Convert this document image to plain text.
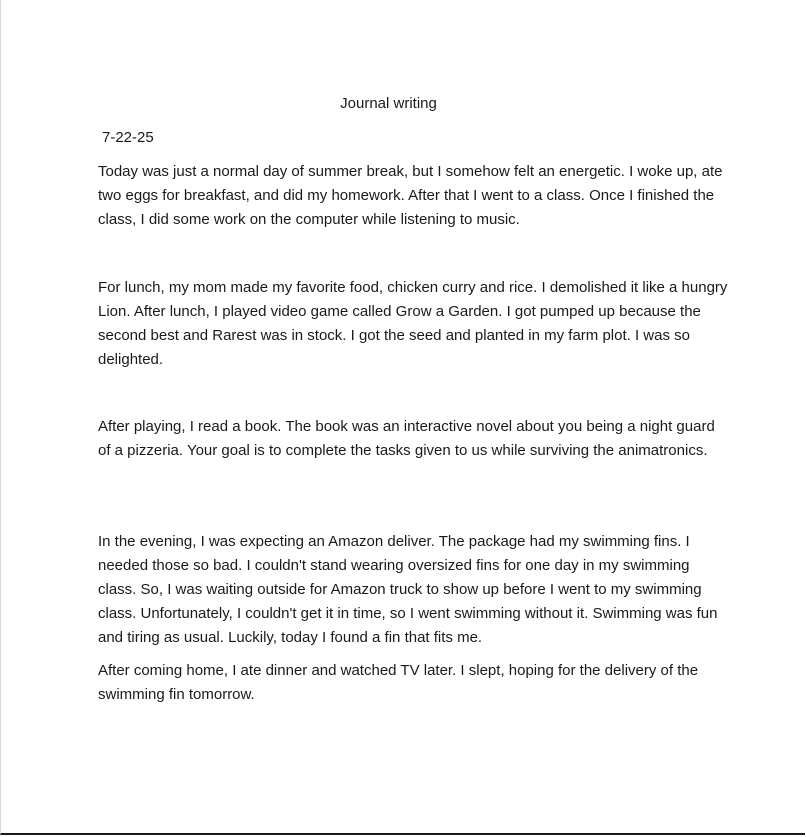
Journal writing
7-22-25

Today was just a normal day of summer break, but I somehow felt an energetic. I woke up, ate two eggs for breakfast, and did my homework. After that I went to a class. Once I finished the class, I did some work on the computer while listening to music.

For lunch, my mom made my favorite food, chicken curry and rice. I demolished it like a hungry Lion. After lunch, I played video game called Grow a Garden. I got pumped up because the second best and Rarest was in stock. I got the seed and planted in my farm plot. I was so delighted.

After playing, I read a book. The book was an interactive novel about you being a night guard of a pizzeria. Your goal is to complete the tasks given to us while surviving the animatronics.

In the evening, I was expecting an Amazon deliver. The package had my swimming fins. I needed those so bad. I couldn't stand wearing oversized fins for one day in my swimming class. So, I was waiting outside for Amazon truck to show up before I went to my swimming class. Unfortunately, I couldn't get it in time, so I went swimming without it. Swimming was fun and tiring as usual. Luckily, today I found a fin that fits me.

After coming home, I ate dinner and watched TV later. I slept, hoping for the delivery of the swimming fin tomorrow.
